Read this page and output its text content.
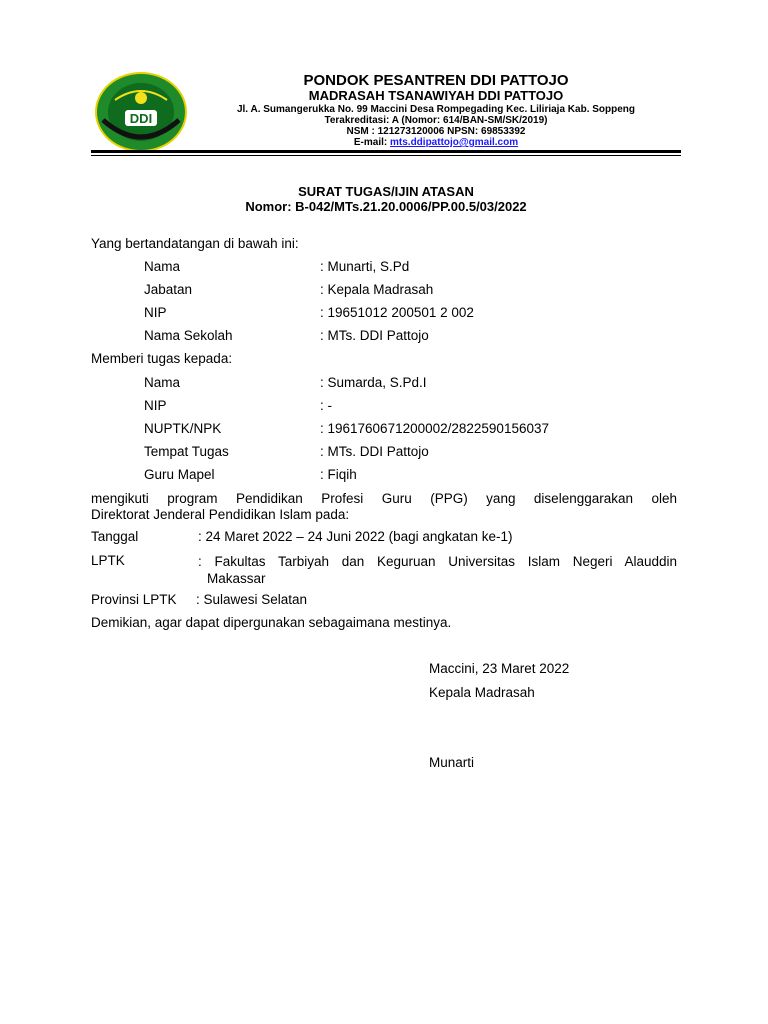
DDI
PONDOK PESANTREN DDI PATTOJO
MADRASAH TSANAWIYAH DDI PATTOJO
Jl. A. Sumangerukka No. 99 Maccini Desa Rompegading Kec. Liliriaja Kab. Soppeng
Terakreditasi: A (Nomor: 614/BAN-SM/SK/2019)
NSM : 121273120006 NPSN: 69853392
E-mail: mts.ddipattojo@gmail.com
SURAT TUGAS/IJIN ATASAN
Nomor: B-042/MTs.21.20.0006/PP.00.5/03/2022
Yang bertandatangan di bawah ini:
Nama	: Munarti, S.Pd
Jabatan	: Kepala Madrasah
NIP	: 19651012 200501 2 002
Nama Sekolah	: MTs. DDI Pattojo
Memberi tugas kepada:
Nama	: Sumarda, S.Pd.I
NIP	: -
NUPTK/NPK	: 1961760671200002/2822590156037
Tempat Tugas	: MTs. DDI Pattojo
Guru Mapel	: Fiqih
mengikuti program Pendidikan Profesi Guru (PPG) yang diselenggarakan oleh
Direktorat Jenderal Pendidikan Islam pada:
Tanggal	: 24 Maret 2022 – 24 Juni 2022 (bagi angkatan ke-1)
LPTK	: Fakultas Tarbiyah dan Keguruan Universitas Islam Negeri Alauddin
Makassar
Provinsi LPTK : Sulawesi Selatan
Demikian, agar dapat dipergunakan sebagaimana mestinya.
Maccini, 23 Maret 2022
Kepala Madrasah
Munarti
